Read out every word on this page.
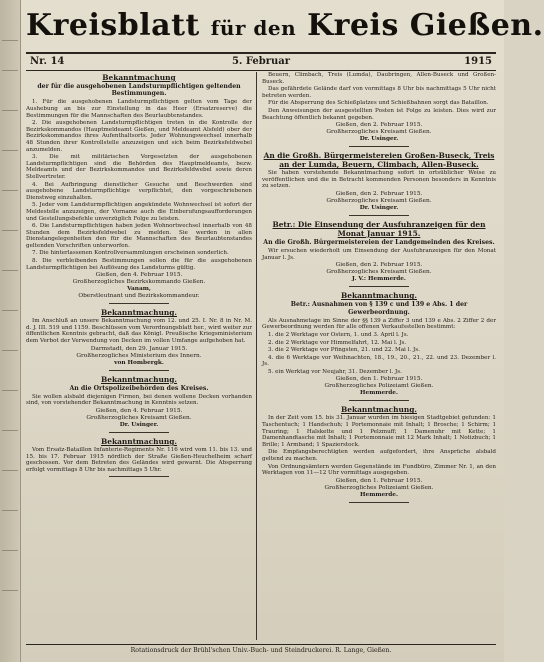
Kreisblatt für den Kreis Gießen.
Nr. 14	5. Februar	1915
Bekanntmachung
der für die ausgehobenen Landsturmpflichtigen geltenden Bestimmungen.
1. Für die ausgehobenen Landsturmpflichtigen gelten vom Tage der Aushebung an bis zur Einstellung in das Heer (Ersatzreserve) die Bestimmungen für die Mannschaften des Beurlaubtenstandes.
2. Die ausgehobenen Landsturmpflichtigen treten in die Kontrolle der Bezirkskommandos (Hauptmeldeamt Gießen, und Meldeamt Alsfeld) ober der Bezirkskommandos ihres Aufenthaltsorts. Jeder Wohnungswechsel innerhalb 48 Stunden ihrer Kontrollstelle anzuzeigen und sich beim Bezirksfeldwebel anzumelden.
3. Die mit militärischen Vorgesetzten der ausgehobenen Landsturmpflichtigen sind die Behörden des Hauptmeldeamts, bezw. Meldeamts und der Bezirkskommandos und Bezirksfeldwebel sowie deren Stellvertreter.
4. Bei Aufbringung dienstlicher Gesuche und Beschwerden sind ausgehobene Landsturmpflichtige verpflichtet, den vorgeschriebenen Dienstweg einzuhalten.
5. Jeder vom Landsturmpflichtigen angekündete Wohnwechsel ist sofort der Meldestelle anzuzeigen, der Vorname auch die Einberufungsaufforderungen und Gestellungsbefehle unverzüglich Folge zu leisten.
6. Die Landsturmpflichtigen haben jeden Wohnortwechsel innerhalb von 48 Stunden dem Bezirksfeldwebel zu melden. Sie werden in allen Dienstangelegenheiten den für die Mannschaften des Beurlaubtenstandes geltenden Vorschriften unterworfen.
7. Die hinterlassenen Kontrollversammlungen erscheinen sonderlich.
8. Die verbleibenden Bestimmungen sollen die für die ausgehobenen Landsturmpflichtigen bei Auflösung des Landsturms gültig.
Gießen, den 4. Februar 1915.
Großherzogliches Bezirkskommando Gießen.
Vanam,
Oberstleutnant und Bezirkskommandeur.
Bekanntmachung.
Im Anschluß an unsere Bekanntmachung vom 12. und 25. I. Nr. 8 in Nr. M. d. J. III. 519 und 1159. Beschlüssen vom Verordnungsblatt her., wird weiter zur öffentlichen Kenntnis gebracht, daß das Königl. Preußische Kriegsministerium dem Verbot der Verwendung von Decken im vollen Umfange aufgehoben hat.
Darmstadt, den 29. Januar 1915.
Großherzogliches Ministerium des Innern.
von Hombergk.
Bekanntmachung.
An die Ortspolizeibehörden des Kreises.
Sie wollen alsbald diejenigen Firmen, bei denen wollene Decken vorhanden sind, von vorstehender Bekanntmachung in Kenntnis setzen.
Gießen, den 4. Februar 1915.
Großherzogliches Kreisamt Gießen.
Dr. Usinger.
Bekanntmachung.
Vom Ersatz-Bataillon Infanterie-Regiments Nr. 116 wird vom 11. bis 13. und 15. bis 17. Februar 1915 nördlich der Straße Gießen-Heuchelheim scharf geschossen. Vor dem Betreten des Geländes wird gewarnt. Die Absperrung erfolgt vormittags 8 Uhr bis nachmittags 5 Uhr.
Beuern, Climbach, Treis (Lumda), Daubringen, Allen-Buseck und Großen-Buseck.
Das gefährdete Gelände darf von vormittags 8 Uhr bis nachmittags 5 Uhr nicht betreten werden.
Für die Absperrung des Schießplatzes und Schießbahnen sorgt das Bataillon.
Den Anweisungen der ausgestellten Posten ist Folge zu leisten. Dies wird zur Beachtung öffentlich bekannt gegeben.
Gießen, den 2. Februar 1915.
Großherzogliches Kreisamt Gießen.
Dr. Usinger.
An die Großh. Bürgermeistereien Großen-Buseck, Treis an der Lumda, Beuern, Climbach, Allen-Buseck.
Sie haben vorstehende Bekanntmachung sofort in ortsüblicher Weise zu veröffentlichen und die in Betracht kommenden Personen besonders in Kenntnis zu setzen.
Gießen, den 2. Februar 1915.
Großherzogliches Kreisamt Gießen.
Dr. Usinger.
Betr.: Die Einsendung der Ausfuhranzeigen für den Monat Januar 1915.
An die Großh. Bürgermeistereien der Landgemeinden des Kreises.
Wir ersuchen wiederholt um Einsendung der Ausfuhranzeigen für den Monat Januar l. Js.
Gießen, den 2. Februar 1915.
Großherzogliches Kreisamt Gießen.
J. V.: Hemmerde.
Bekanntmachung.
Betr.: Ausnahmen von § 139 c und 139 e Abs. 1 der Gewerbeordnung.
Als Ausnahmetage im Sinne der §§ 139 a Ziffer 3 und 139 e Abs. 2 Ziffer 2 der Gewerbeordnung werden für alle offenen Verkaufsstellen bestimmt:
1. die 2 Werktage vor Ostern, 1. und 3. April l. Js.
2. die 2 Werktage vor Himmelfahrt, 12. Mai l. Js.
3. die 2 Werktage vor Pfingsten, 21. und 22. Mai l. Js.
4. die 6 Werktage vor Weihnachten, 18., 19., 20., 21., 22. und 23. Dezember l. Js.
5. ein Werktag vor Neujahr, 31. Dezember l. Js.
Gießen, den 1. Februar 1915.
Großherzogliches Polizeiamt Gießen.
Hemmerde.
Bekanntmachung.
In der Zeit vom 15. bis 31. Januar wurden im hiesigen Stadtgebiet gefunden: 1 Taschentuch; 1 Handschuh; 1 Portemonnaie mit Inhalt; 1 Brosche; 1 Schirm; 1 Trauring; 1 Halskette und 1 Pelzmuff; 1 Damenuhr mit Kette; 1 Damenhandtasche mit Inhalt; 1 Portemonnaie mit 12 Mark Inhalt; 1 Notizbuch; 1 Brille; 1 Armband; 1 Spazierstock.
Die Empfangsberechtigten werden aufgefordert, ihre Ansprüche alsbald geltend zu machen.
Von Ordnungsämtern werden Gegenstände im Fundbüro, Zimmer Nr. 1, an den Werktagen von 11—12 Uhr vormittags ausgegeben.
Gießen, den 1. Februar 1915.
Großherzogliches Polizeiamt Gießen.
Hemmerde.
Rotationsdruck der Brühl'schen Univ.-Buch- und Steindruckerei. R. Lange, Gießen.
